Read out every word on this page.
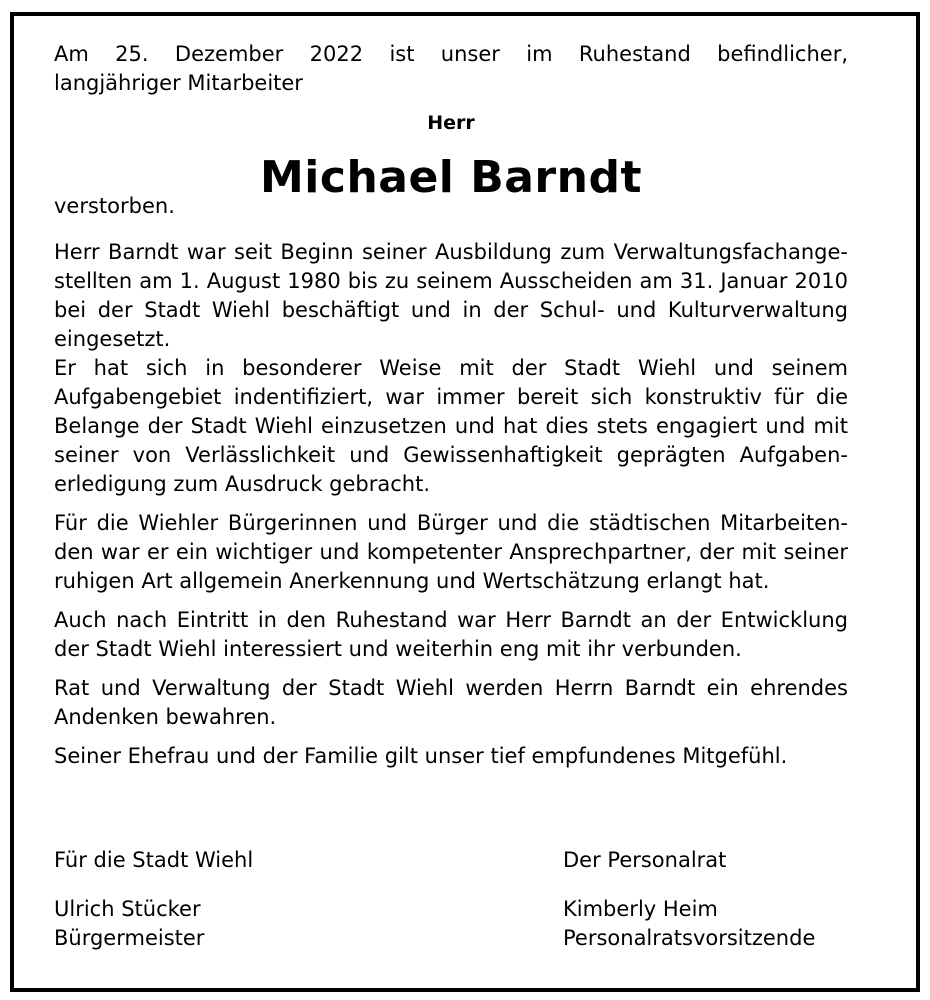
Am 25. Dezember 2022 ist unser im Ruhestand befindlicher,
langjähriger Mitarbeiter
Herr
Michael Barndt
verstorben.
Herr Barndt war seit Beginn seiner Ausbildung zum Verwaltungsfachange-
stellten am 1. August 1980 bis zu seinem Ausscheiden am 31. Januar 2010
bei der Stadt Wiehl beschäftigt und in der Schul- und Kulturverwaltung
eingesetzt.
Er hat sich in besonderer Weise mit der Stadt Wiehl und seinem
Aufgabengebiet indentifiziert, war immer bereit sich konstruktiv für die
Belange der Stadt Wiehl einzusetzen und hat dies stets engagiert und mit
seiner von Verlässlichkeit und Gewissenhaftigkeit geprägten Aufgaben-
erledigung zum Ausdruck gebracht.
Für die Wiehler Bürgerinnen und Bürger und die städtischen Mitarbeiten-
den war er ein wichtiger und kompetenter Ansprechpartner, der mit seiner
ruhigen Art allgemein Anerkennung und Wertschätzung erlangt hat.
Auch nach Eintritt in den Ruhestand war Herr Barndt an der Entwicklung
der Stadt Wiehl interessiert und weiterhin eng mit ihr verbunden.
Rat und Verwaltung der Stadt Wiehl werden Herrn Barndt ein ehrendes
Andenken bewahren.
Seiner Ehefrau und der Familie gilt unser tief empfundenes Mitgefühl.
Für die Stadt Wiehl
Ulrich Stücker
Bürgermeister
Der Personalrat
Kimberly Heim
Personalratsvorsitzende
